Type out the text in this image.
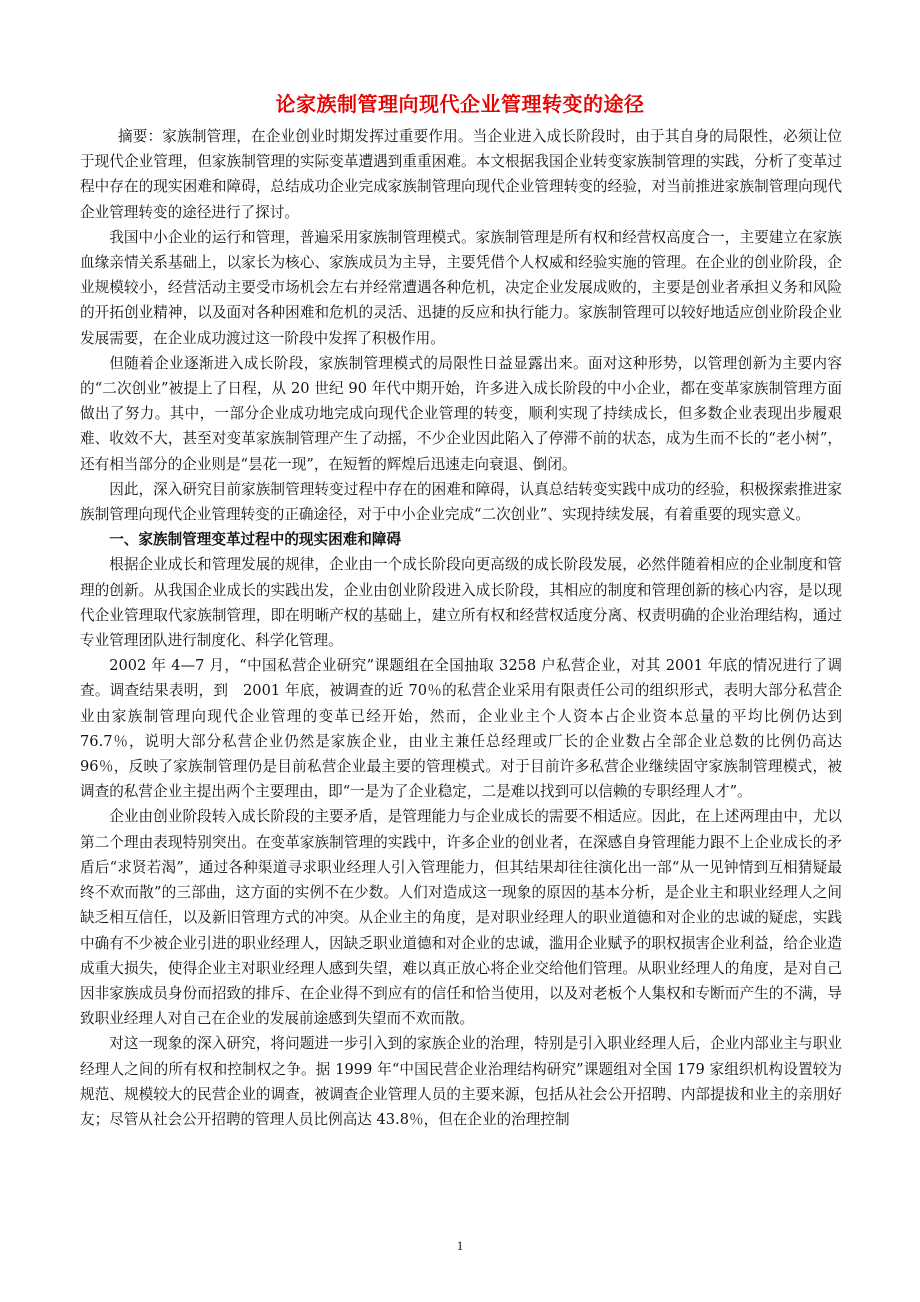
论家族制管理向现代企业管理转变的途径

摘要：家族制管理，在企业创业时期发挥过重要作用。当企业进入成长阶段时，由于其自身的局限性，必须让位于现代企业管理，但家族制管理的实际变革遭遇到重重困难。本文根据我国企业转变家族制管理的实践，分析了变革过程中存在的现实困难和障碍，总结成功企业完成家族制管理向现代企业管理转变的经验，对当前推进家族制管理向现代企业管理转变的途径进行了探讨。

我国中小企业的运行和管理，普遍采用家族制管理模式。家族制管理是所有权和经营权高度合一，主要建立在家族血缘亲情关系基础上，以家长为核心、家族成员为主导，主要凭借个人权威和经验实施的管理。在企业的创业阶段，企业规模较小，经营活动主要受市场机会左右并经常遭遇各种危机，决定企业发展成败的，主要是创业者承担义务和风险的开拓创业精神，以及面对各种困难和危机的灵活、迅捷的反应和执行能力。家族制管理可以较好地适应创业阶段企业发展需要，在企业成功渡过这一阶段中发挥了积极作用。

但随着企业逐渐进入成长阶段，家族制管理模式的局限性日益显露出来。面对这种形势，以管理创新为主要内容的“二次创业”被提上了日程，从 20 世纪 90 年代中期开始，许多进入成长阶段的中小企业，都在变革家族制管理方面做出了努力。其中，一部分企业成功地完成向现代企业管理的转变，顺利实现了持续成长，但多数企业表现出步履艰难、收效不大，甚至对变革家族制管理产生了动摇，不少企业因此陷入了停滞不前的状态，成为生而不长的“老小树”，还有相当部分的企业则是“昙花一现”，在短暂的辉煌后迅速走向衰退、倒闭。

因此，深入研究目前家族制管理转变过程中存在的困难和障碍，认真总结转变实践中成功的经验，积极探索推进家族制管理向现代企业管理转变的正确途径，对于中小企业完成“二次创业”、实现持续发展，有着重要的现实意义。

一、家族制管理变革过程中的现实困难和障碍

根据企业成长和管理发展的规律，企业由一个成长阶段向更高级的成长阶段发展，必然伴随着相应的企业制度和管理的创新。从我国企业成长的实践出发，企业由创业阶段进入成长阶段，其相应的制度和管理创新的核心内容，是以现代企业管理取代家族制管理，即在明晰产权的基础上，建立所有权和经营权适度分离、权责明确的企业治理结构，通过专业管理团队进行制度化、科学化管理。

2002 年 4—7 月，“中国私营企业研究”课题组在全国抽取 3258 户私营企业，对其 2001 年底的情况进行了调查。调查结果表明，到　2001 年底，被调查的近 70％的私营企业采用有限责任公司的组织形式，表明大部分私营企业由家族制管理向现代企业管理的变革已经开始，然而，企业业主个人资本占企业资本总量的平均比例仍达到 76.7％，说明大部分私营企业仍然是家族企业，由业主兼任总经理或厂长的企业数占全部企业总数的比例仍高达 96％，反映了家族制管理仍是目前私营企业最主要的管理模式。对于目前许多私营企业继续固守家族制管理模式，被调查的私营企业主提出两个主要理由，即“一是为了企业稳定，二是难以找到可以信赖的专职经理人才”。

企业由创业阶段转入成长阶段的主要矛盾，是管理能力与企业成长的需要不相适应。因此，在上述两理由中，尤以第二个理由表现特别突出。在变革家族制管理的实践中，许多企业的创业者，在深感自身管理能力跟不上企业成长的矛盾后“求贤若渴”，通过各种渠道寻求职业经理人引入管理能力，但其结果却往往演化出一部“从一见钟情到互相猜疑最终不欢而散”的三部曲，这方面的实例不在少数。人们对造成这一现象的原因的基本分析，是企业主和职业经理人之间缺乏相互信任，以及新旧管理方式的冲突。从企业主的角度，是对职业经理人的职业道德和对企业的忠诚的疑虑，实践中确有不少被企业引进的职业经理人，因缺乏职业道德和对企业的忠诚，滥用企业赋予的职权损害企业利益，给企业造成重大损失，使得企业主对职业经理人感到失望，难以真正放心将企业交给他们管理。从职业经理人的角度，是对自己因非家族成员身份而招致的排斥、在企业得不到应有的信任和恰当使用，以及对老板个人集权和专断而产生的不满，导致职业经理人对自己在企业的发展前途感到失望而不欢而散。

对这一现象的深入研究，将问题进一步引入到的家族企业的治理，特别是引入职业经理人后，企业内部业主与职业经理人之间的所有权和控制权之争。据 1999 年“中国民营企业治理结构研究”课题组对全国 179 家组织机构设置较为规范、规模较大的民营企业的调查，被调查企业管理人员的主要来源，包括从社会公开招聘、内部提拔和业主的亲朋好友；尽管从社会公开招聘的管理人员比例高达 43.8％，但在企业的治理控制

1
